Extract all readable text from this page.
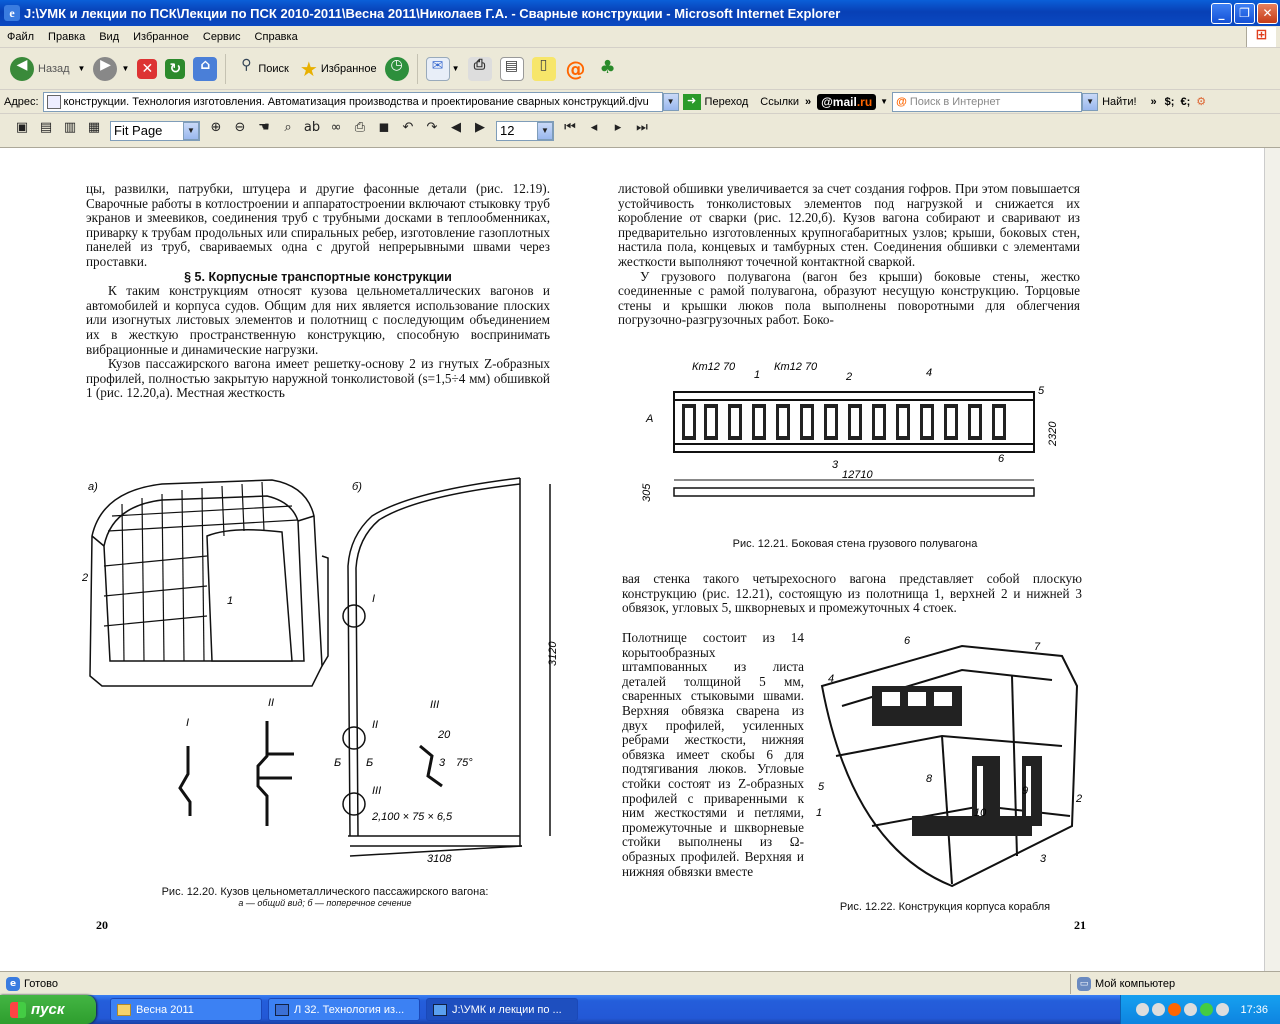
e J:\УМК и лекции по ПСК\Лекции по ПСК 2010-2011\Весна 2011\Николаев Г.А. - Сварные конструкции - Microsoft Internet Explorer	_	❐	✕
Файл	Правка	Вид	Избранное	Сервис	Справка	⊞
◀ Назад ▼	▶	▼ ✕ ↻	⌂	⚲ Поиск ★ Избранное ◷	✉	▼	⎙	▤	▯ @ ♣
Адрес:	конструкции. Технология изготовления. Автоматизация производства и проектирование сварных конструкций.djvu	▼	➜ Переход Ссылки » @mail.ru	▼ @ Поиск в Интернет	▼ Найти! » $; €; ⚙
▣ ▤ ▥ ▦	Fit Page	▼	⊕	⊖ ☚	⌕ ab ∞	⎙	◼	↶	↷	◀	▶	12	▼	⏮	◂	▸	⏭

цы, развилки, патрубки, штуцера и другие фасонные детали (рис. 12.19). Сварочные работы в котлостроении и аппаратостроении включают стыковку труб экранов и змеевиков, соединения труб с трубными досками в теплообменниках, приварку к трубам продольных или спиральных ребер, изготовление газоплотных панелей из труб, свариваемых одна с другой непрерывными швами через проставки.

§ 5. Корпусные транспортные конструкции

К таким конструкциям относят кузова цельнометаллических вагонов и автомобилей и корпуса судов. Общим для них является использование плоских или изогнутых листовых элементов и полотнищ с последующим объединением их в жесткую пространственную конструкцию, способную воспринимать вибрационные и динамические нагрузки.

Кузов пассажирского вагона имеет решетку-основу 2 из гнутых Z-образных профилей, полностью закрытую наружной тонколистовой (s=1,5÷4 мм) обшивкой 1 (рис. 12.20,а). Местная жесткость

а)
2
1
б)
I
II
III
Б Б
3120
3108
2,100 × 75 × 6,5
I
II	III
20
75°
3
Рис. 12.20. Кузов цельнометаллического пассажирского вагона:
а — общий вид; б — поперечное сечение
20

листовой обшивки увеличивается за счет создания гофров. При этом повышается устойчивость тонколистовых элементов под нагрузкой и снижается их коробление от сварки (рис. 12.20,б). Кузов вагона собирают и сваривают из предварительно изготовленных крупногабаритных узлов; крыши, боковых стен, настила пола, концевых и тамбурных стен. Соединения обшивки с элементами жесткости выполняют точечной контактной сваркой.

У грузового полувагона (вагон без крыши) боковые стены, жестко соединенные с рамой полувагона, образуют несущую конструкцию. Торцовые стены и крышки люков пола выполнены поворотными для облегчения погрузочно-разгрузочных работ. Боко-

Кт12 70	Кт12 70
1	2	4
5
А
2320
6
3
12710
305
Рис. 12.21. Боковая стена грузового полувагона
вая стенка такого четырехосного вагона представляет собой плоскую конструкцию (рис. 12.21), состоящую из полотнища 1, верхней 2 и нижней 3 обвязок, угловых 5, шкворневых и промежуточных 4 стоек.
Полотнище состоит из 14 корытообразных штампованных из листа деталей толщиной 5 мм, сваренных стыковыми швами. Верхняя обвязка сварена из двух профилей, усиленных ребрами жесткости, нижняя обвязка имеет скобы 6 для подтягивания люков. Угловые стойки состоят из Z-образных профилей с приваренными к ним жесткостями и петлями, промежуточные и шкворневые стойки выполнены из Ω-образных профилей. Верхняя и нижняя обвязки вместе
6	7
4
5
1
8
9
10
2
3
Рис. 12.22. Конструкция корпуса корабля
21
e Готово	▭ Мой компьютер
пуск	Весна 2011	Л 32. Технология из...	J:\УМК и лекции по ...	17:36
